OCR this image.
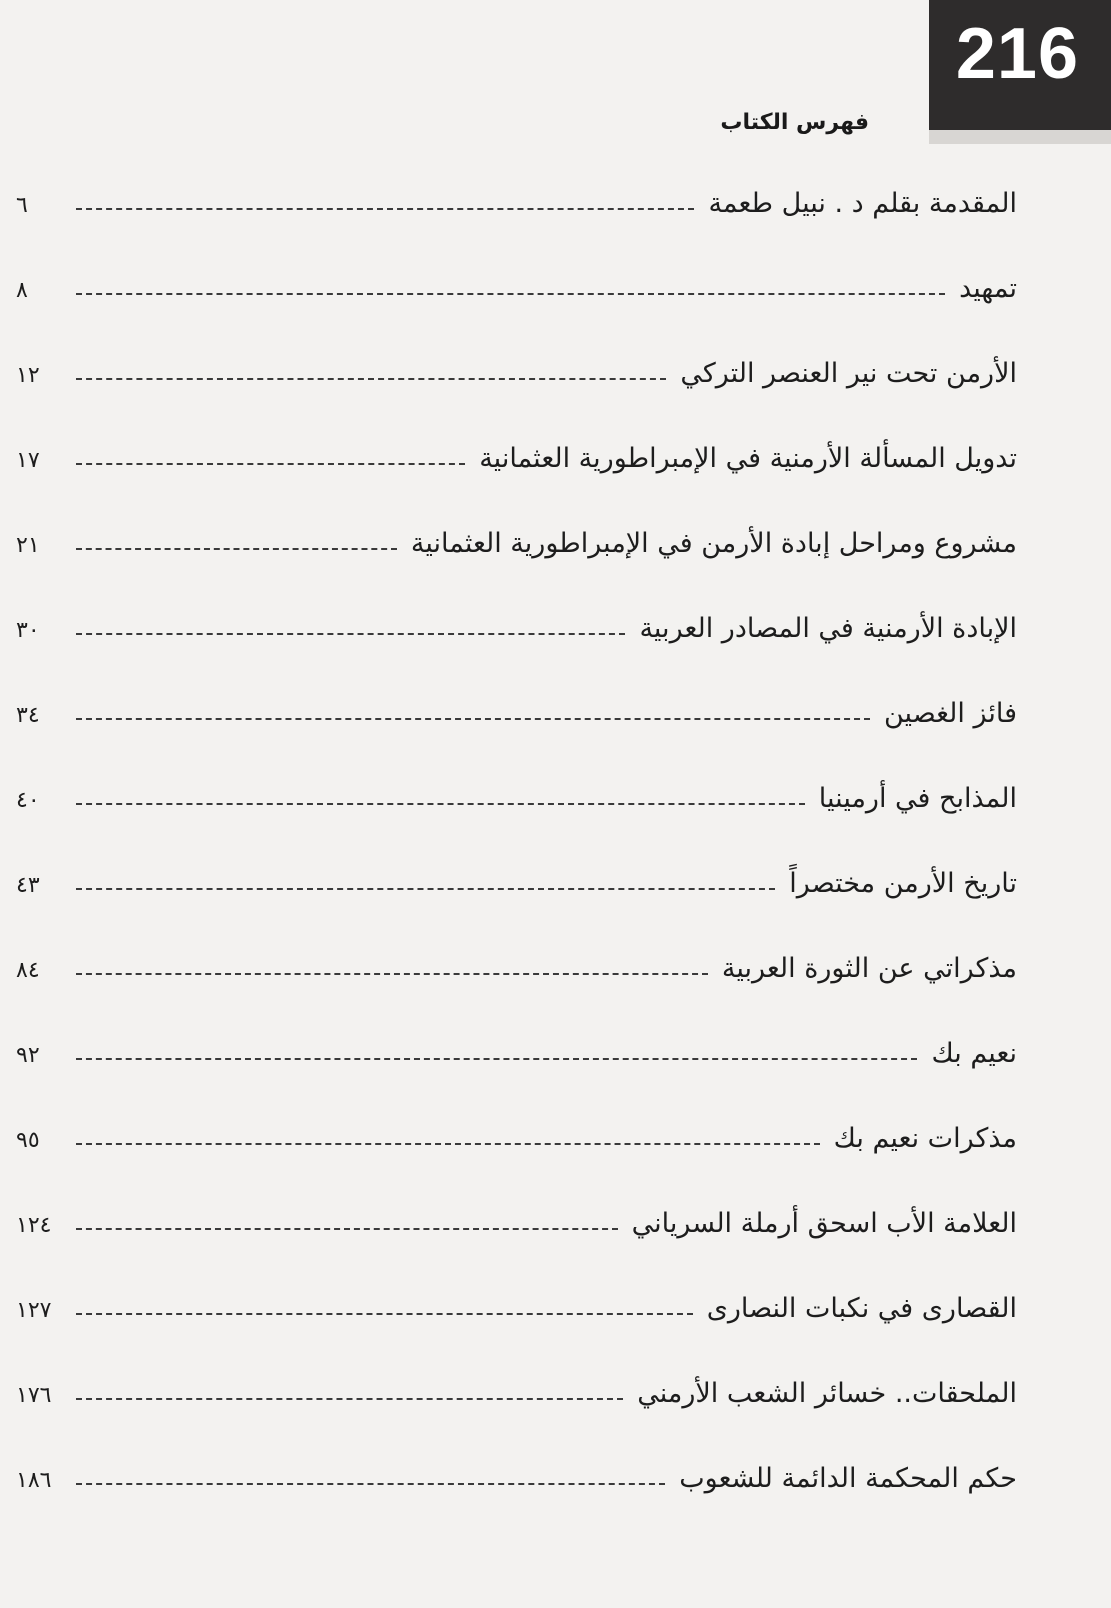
216
فهرس الكتاب
المقدمة بقلم د . نبيل طعمة
٦
تمهيد
٨
الأرمن تحت نير العنصر التركي
١٢
تدويل المسألة الأرمنية في الإمبراطورية العثمانية
١٧
مشروع ومراحل إبادة الأرمن في الإمبراطورية العثمانية
٢١
الإبادة الأرمنية في المصادر العربية
٣٠
فائز الغصين
٣٤
المذابح في أرمينيا
٤٠
تاريخ الأرمن مختصراً
٤٣
مذكراتي عن الثورة العربية
٨٤
نعيم بك
٩٢
مذكرات نعيم بك
٩٥
العلامة الأب اسحق أرملة السرياني
١٢٤
القصارى في نكبات النصارى
١٢٧
الملحقات.. خسائر الشعب الأرمني
١٧٦
حكم المحكمة الدائمة للشعوب
١٨٦
